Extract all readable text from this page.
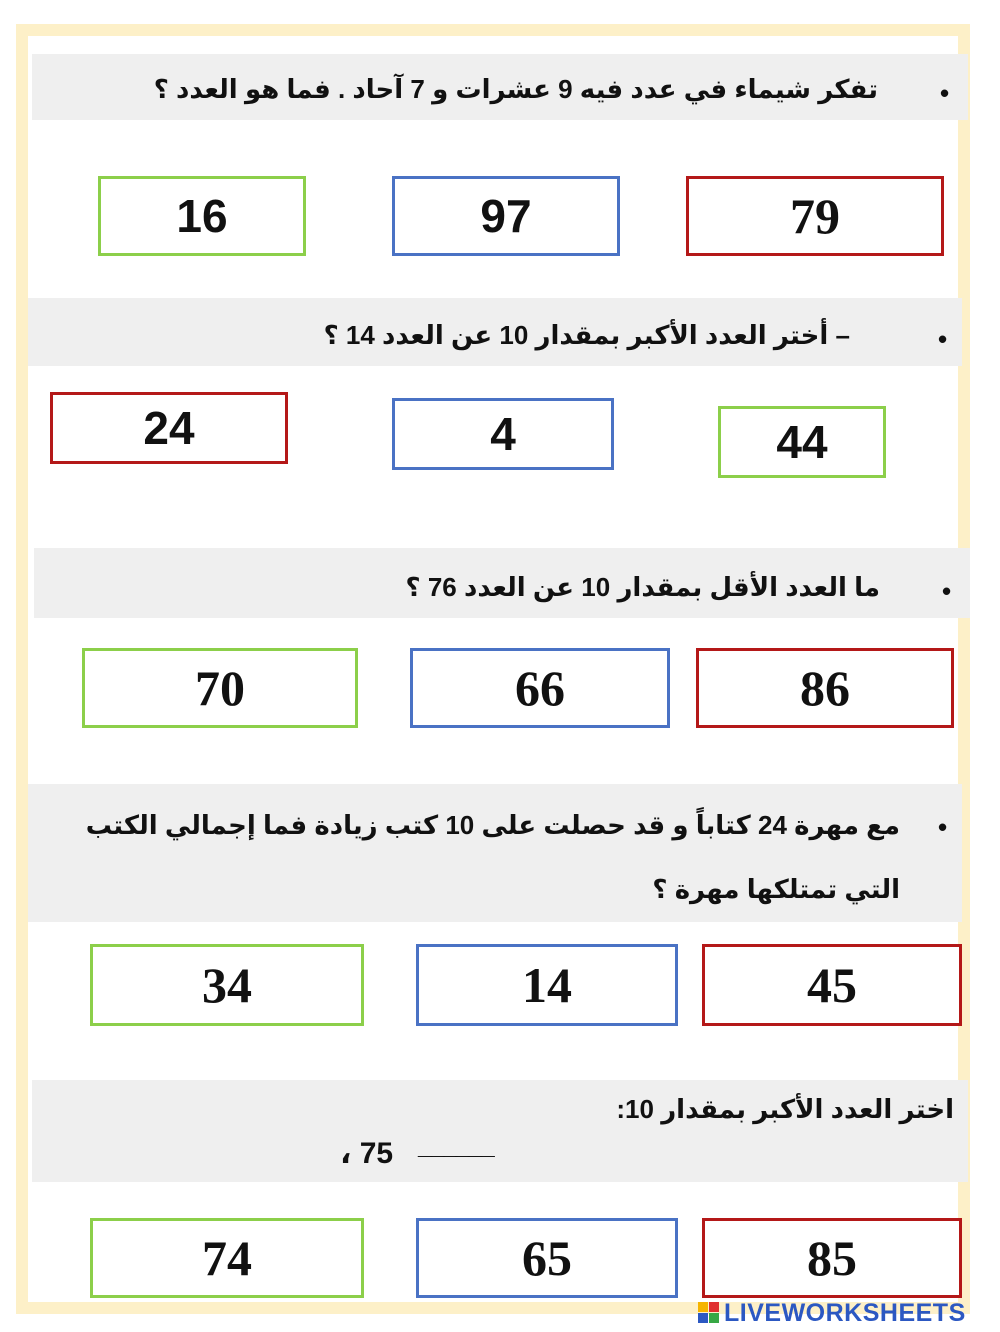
تفكر شيماء في عدد فيه 9 عشرات و 7 آحاد . فما هو العدد ؟ •
16	97	79
– أختر العدد الأكبر بمقدار 10 عن العدد 14 ؟	•
24	4	44
ما العدد الأقل بمقدار 10 عن العدد 76 ؟ •
70	66	86
مع مهرة 24 كتاباً و قد حصلت على 10 كتب زيادة فما إجمالي الكتب
التي تمتلكها مهرة ؟
•
34	14	45
اختر العدد الأكبر بمقدار 10:
______
75 ،
74	65	85
LIVEWORKSHEETS
